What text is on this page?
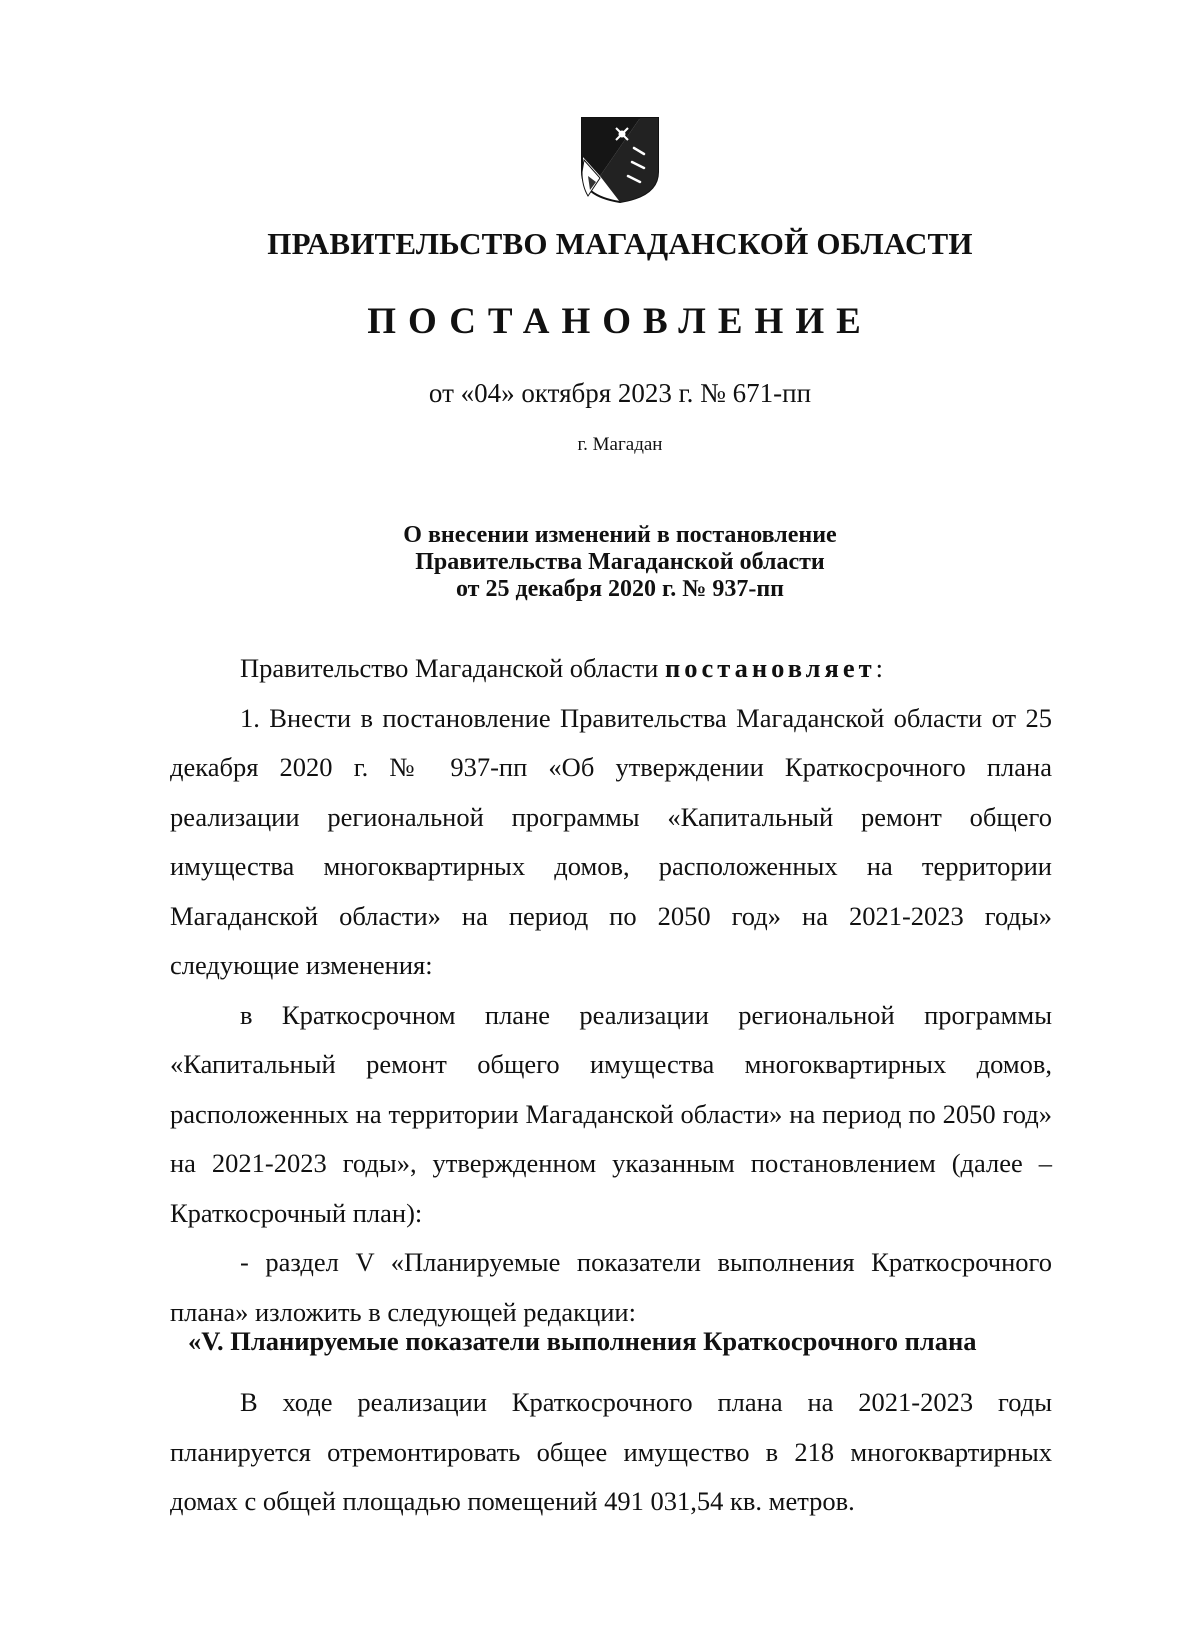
ПРАВИТЕЛЬСТВО МАГАДАНСКОЙ ОБЛАСТИ
ПОСТАНОВЛЕНИЕ
от «04» октября 2023 г. № 671-пп
г. Магадан
О внесении изменений в постановление
Правительства Магаданской области
от 25 декабря 2020 г. № 937-пп

Правительство Магаданской области постановляет:

1. Внести в постановление Правительства Магаданской области от 25 декабря 2020 г. № 937-пп «Об утверждении Краткосрочного плана реализации региональной программы «Капитальный ремонт общего имущества многоквартирных домов, расположенных на территории Магаданской области» на период по 2050 год» на 2021-2023 годы» следующие изменения:

в Краткосрочном плане реализации региональной программы «Капитальный ремонт общего имущества многоквартирных домов, расположенных на территории Магаданской области» на период по 2050 год» на 2021-2023 годы», утвержденном указанным постановлением (далее – Краткосрочный план):

- раздел V «Планируемые показатели выполнения Краткосрочного плана» изложить в следующей редакции:

«V. Планируемые показатели выполнения Краткосрочного плана

В ходе реализации Краткосрочного плана на 2021-2023 годы планируется отремонтировать общее имущество в 218 многоквартирных домах с общей площадью помещений 491 031,54 кв. метров.
